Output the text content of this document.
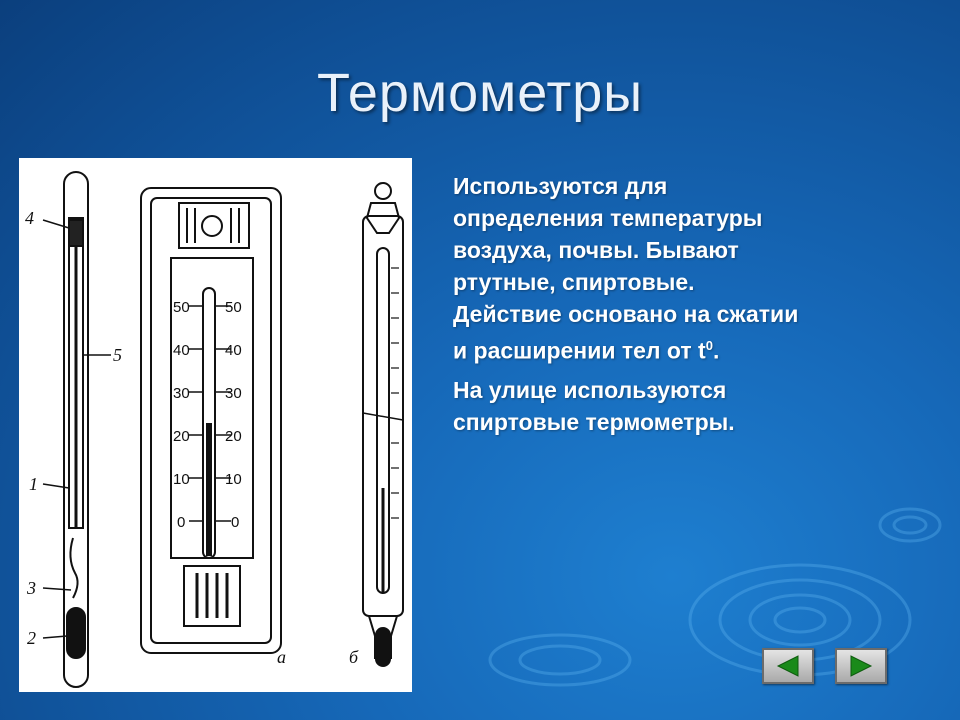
Термометры
4
5
1
3
2
а	б
50
40
30
20
10
0
50
40
30
20
10
0

Используются для
определения температуры
воздуха, почвы. Бывают
ртутные, спиртовые.
Действие основано на сжатии
и расширении тел от $t^0$.

На улице используются
спиртовые термометры.
